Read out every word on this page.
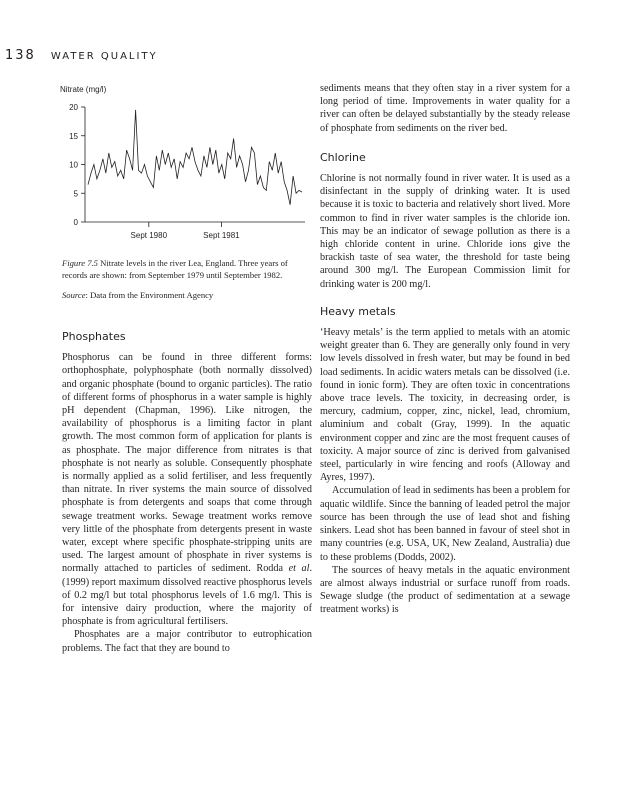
138 WATER QUALITY
Nitrate (mg/l)
0
5
10
15
20
Sept 1980	Sept 1981

Figure 7.5 Nitrate levels in the river Lea, England. Three years of records are shown: from September 1979 until September 1982.

Source: Data from the Environment Agency

Phosphates

Phosphorus can be found in three different forms: orthophosphate, polyphosphate (both normally dissolved) and organic phosphate (bound to organic particles). The ratio of different forms of phosphorus in a water sample is highly pH dependent (Chapman, 1996). Like nitrogen, the availability of phosphorus is a limiting factor in plant growth. The most common form of application for plants is as phosphate. The major difference from nitrates is that phosphate is not nearly as soluble. Consequently phosphate is normally applied as a solid fertiliser, and less frequently than nitrate. In river systems the main source of dissolved phosphate is from detergents and soaps that come through sewage treatment works. Sewage treatment works remove very little of the phosphate from detergents present in waste water, except where specific phosphate-stripping units are used. The largest amount of phosphate in river systems is normally attached to particles of sediment. Rodda et al. (1999) report maximum dissolved reactive phosphorus levels of 0.2 mg/l but total phosphorus levels of 1.6 mg/l. This is for intensive dairy production, where the majority of phosphate is from agricultural fertilisers.

Phosphates are a major contributor to eutrophication problems. The fact that they are bound to

sediments means that they often stay in a river system for a long period of time. Improvements in water quality for a river can often be delayed substantially by the steady release of phosphate from sediments on the river bed.

Chlorine

Chlorine is not normally found in river water. It is used as a disinfectant in the supply of drinking water. It is used because it is toxic to bacteria and relatively short lived. More common to find in river water samples is the chloride ion. This may be an indicator of sewage pollution as there is a high chloride content in urine. Chloride ions give the brackish taste of sea water, the threshold for taste being around 300 mg/l. The European Commission limit for drinking water is 200 mg/l.

Heavy metals

‘Heavy metals’ is the term applied to metals with an atomic weight greater than 6. They are generally only found in very low levels dissolved in fresh water, but may be found in bed load sediments. In acidic waters metals can be dissolved (i.e. found in ionic form). They are often toxic in concentrations above trace levels. The toxicity, in decreasing order, is mercury, cadmium, copper, zinc, nickel, lead, chromium, aluminium and cobalt (Gray, 1999). In the aquatic environment copper and zinc are the most frequent causes of toxicity. A major source of zinc is derived from galvanised steel, particularly in wire fencing and roofs (Alloway and Ayres, 1997).

Accumulation of lead in sediments has been a problem for aquatic wildlife. Since the banning of leaded petrol the major source has been through the use of lead shot and fishing sinkers. Lead shot has been banned in favour of steel shot in many countries (e.g. USA, UK, New Zealand, Australia) due to these problems (Dodds, 2002).

The sources of heavy metals in the aquatic environment are almost always industrial or surface runoff from roads. Sewage sludge (the product of sedimentation at a sewage treatment works) is
